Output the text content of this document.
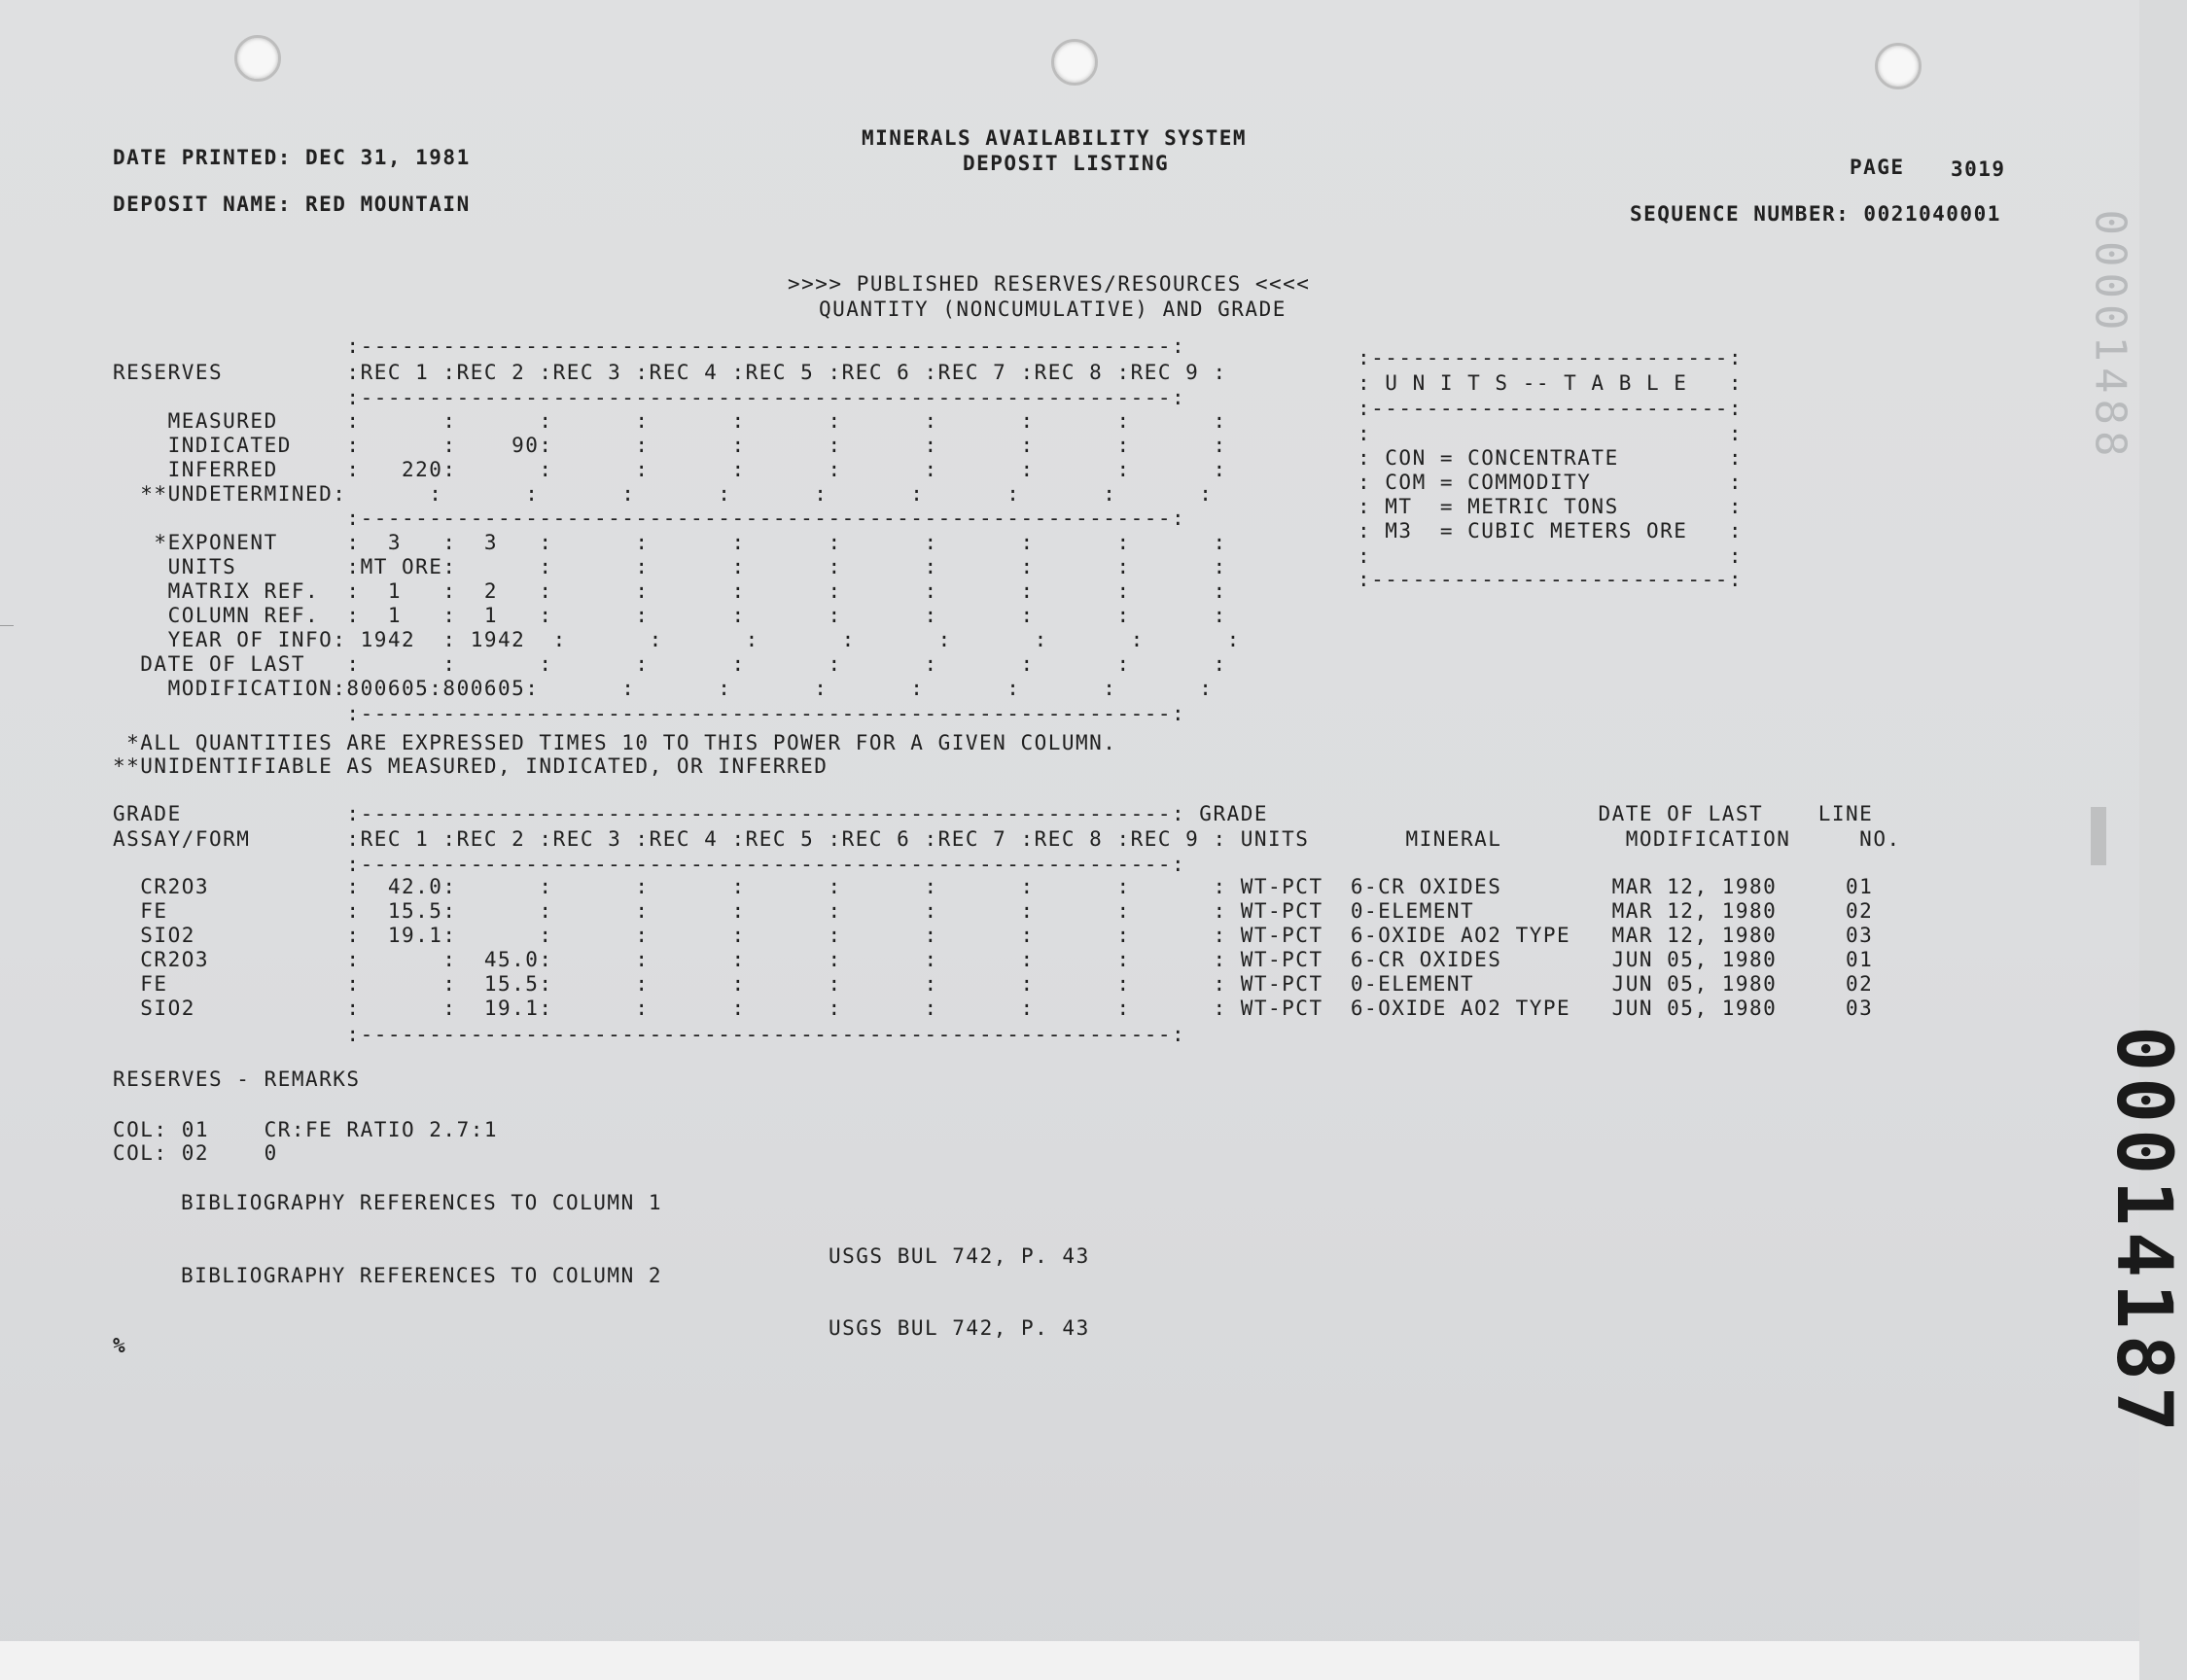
DATE PRINTED: DEC 31, 1981
MINERALS AVAILABILITY SYSTEM
DEPOSIT LISTING	PAGE 3019
DEPOSIT NAME: RED MOUNTAIN	SEQUENCE NUMBER: 0021040001
>>>> PUBLISHED RESERVES/RESOURCES <<<<
QUANTITY (NONCUMULATIVE) AND GRADE
:-----------------------------------------------------------:
RESERVES         :REC 1 :REC 2 :REC 3 :REC 4 :REC 5 :REC 6 :REC 7 :REC 8 :REC 9 :
:-----------------------------------------------------------:
MEASURED     :      :      :      :      :      :      :      :      :      :
INDICATED    :      :    90:      :      :      :      :      :      :      :
INFERRED     :   220:      :      :      :      :      :      :      :      :
**UNDETERMINED:      :      :      :      :      :      :      :      :      :
:-----------------------------------------------------------:
*EXPONENT     :  3   :  3   :      :      :      :      :      :      :      :
UNITS        :MT ORE:      :      :      :      :      :      :      :      :
MATRIX REF.  :  1   :  2   :      :      :      :      :      :      :      :
COLUMN REF.  :  1   :  1   :      :      :      :      :      :      :      :
YEAR OF INFO: 1942  : 1942  :      :      :      :      :      :      :      :
DATE OF LAST   :      :      :      :      :      :      :      :      :      :
MODIFICATION:800605:800605:      :      :      :      :      :      :      :
:-----------------------------------------------------------:
:--------------------------:
: U N I T S -- T A B L E   :
:--------------------------:
:                          :
: CON = CONCENTRATE        :
: COM = COMMODITY          :
: MT  = METRIC TONS        :
: M3  = CUBIC METERS ORE   :
:                          :
:--------------------------:
*ALL QUANTITIES ARE EXPRESSED TIMES 10 TO THIS POWER FOR A GIVEN COLUMN.
**UNIDENTIFIABLE AS MEASURED, INDICATED, OR INFERRED
GRADE            :-----------------------------------------------------------: GRADE                        DATE OF LAST    LINE
ASSAY/FORM       :REC 1 :REC 2 :REC 3 :REC 4 :REC 5 :REC 6 :REC 7 :REC 8 :REC 9 : UNITS       MINERAL         MODIFICATION     NO.
:-----------------------------------------------------------:
CR2O3          :  42.0:      :      :      :      :      :      :      :      : WT-PCT  6-CR OXIDES        MAR 12, 1980     01
FE             :  15.5:      :      :      :      :      :      :      :      : WT-PCT  0-ELEMENT          MAR 12, 1980     02
SIO2           :  19.1:      :      :      :      :      :      :      :      : WT-PCT  6-OXIDE AO2 TYPE   MAR 12, 1980     03
CR2O3          :      :  45.0:      :      :      :      :      :      :      : WT-PCT  6-CR OXIDES        JUN 05, 1980     01
FE             :      :  15.5:      :      :      :      :      :      :      : WT-PCT  0-ELEMENT          JUN 05, 1980     02
SIO2           :      :  19.1:      :      :      :      :      :      :      : WT-PCT  6-OXIDE AO2 TYPE   JUN 05, 1980     03
:-----------------------------------------------------------:
RESERVES - REMARKS
COL: 01    CR:FE RATIO 2.7:1
COL: 02    0
BIBLIOGRAPHY REFERENCES TO COLUMN 1
USGS BUL 742, P. 43
BIBLIOGRAPHY REFERENCES TO COLUMN 2
USGS BUL 742, P. 43
%
00001488
00014187
